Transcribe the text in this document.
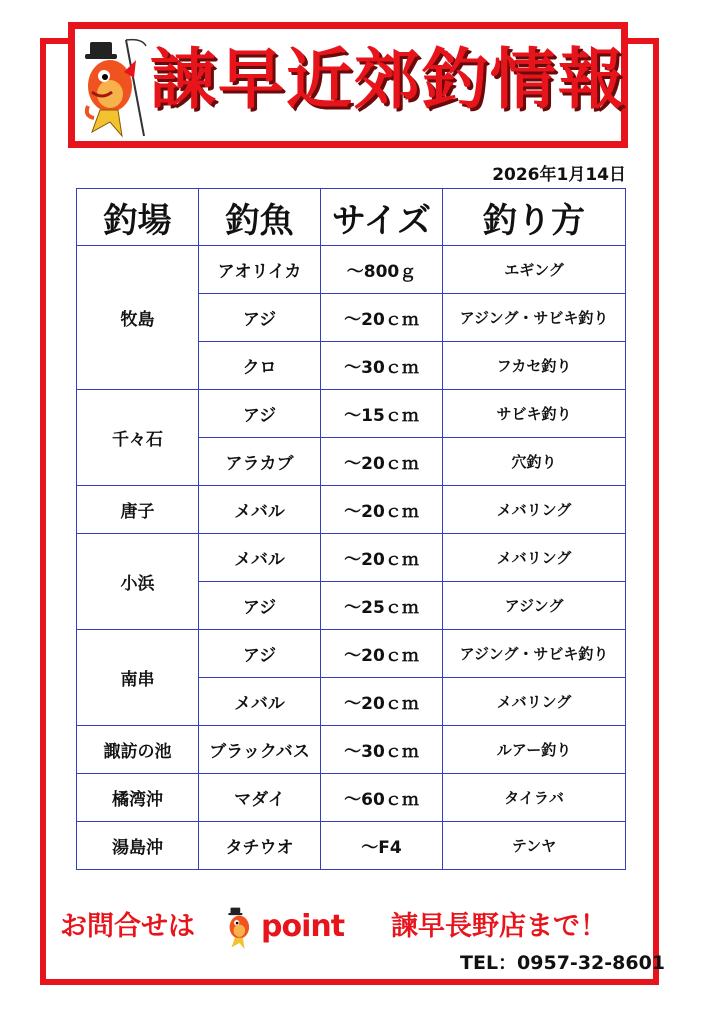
諫早近郊釣情報
2026年1月14日
釣場	釣魚	サイズ	釣り方
牧島	アオリイカ	～800ｇ	エギング
	アジ	～20ｃｍ	アジング・サビキ釣り
	クロ	～30ｃｍ	フカセ釣り
千々石	アジ	～15ｃｍ	サビキ釣り
	アラカブ	～20ｃｍ	穴釣り
唐子	メバル	～20ｃｍ	メバリング
小浜	メバル	～20ｃｍ	メバリング
	アジ	～25ｃｍ	アジング
南串	アジ	～20ｃｍ	アジング・サビキ釣り
	メバル	～20ｃｍ	メバリング
諏訪の池	ブラックバス	～30ｃｍ	ルアー釣り
橘湾沖	マダイ	～60ｃｍ	タイラバ
湯島沖	タチウオ	～F4	テンヤ
お問合せは point 諫早長野店まで！
TEL：0957-32-8601
